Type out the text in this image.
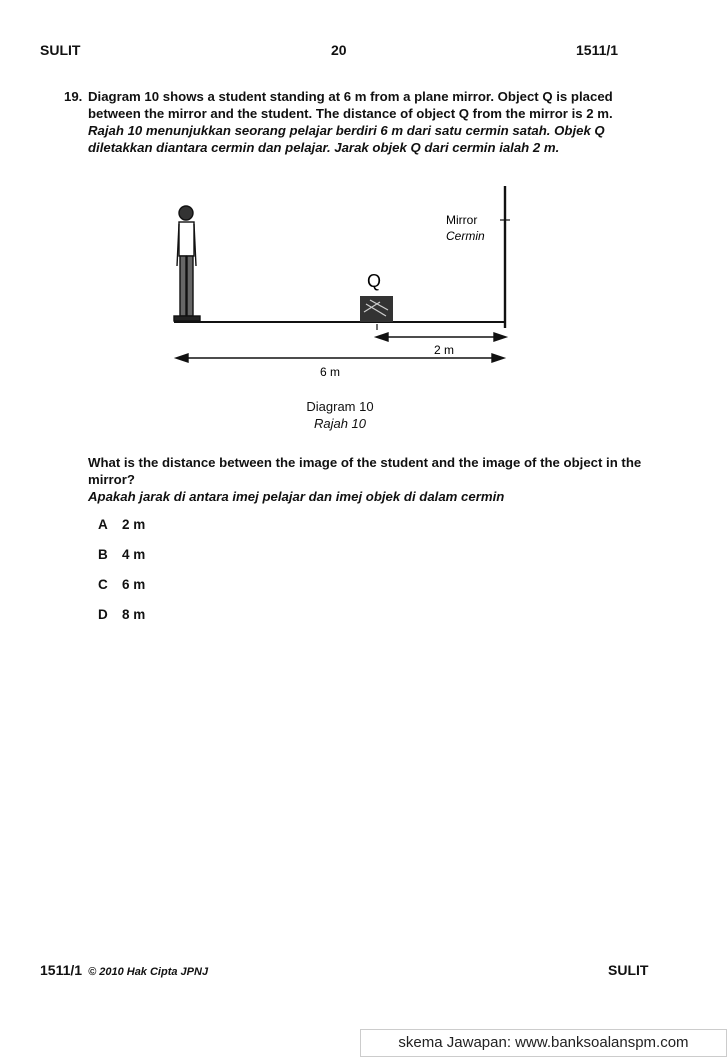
SULIT	20	1511/1
19. Diagram 10 shows a student standing at 6 m from a plane mirror. Object Q is placed between the mirror and the student. The distance of object Q from the mirror is 2 m.

Rajah 10 menunjukkan seorang pelajar berdiri 6 m dari satu cermin satah. Objek Q diletakkan diantara cermin dan pelajar. Jarak objek Q dari cermin ialah 2 m.

Q
Mirror
Cermin
2 m
6 m
Diagram 10
Rajah 10

What is the distance between the image of the student and the image of the object in the mirror?

Apakah jarak di antara imej pelajar dan imej objek di dalam cermin

A	2 m
B	4 m
C	6 m
D	8 m
1511/1 © 2010 Hak Cipta JPNJ	SULIT
skema Jawapan: www.banksoalanspm.com
